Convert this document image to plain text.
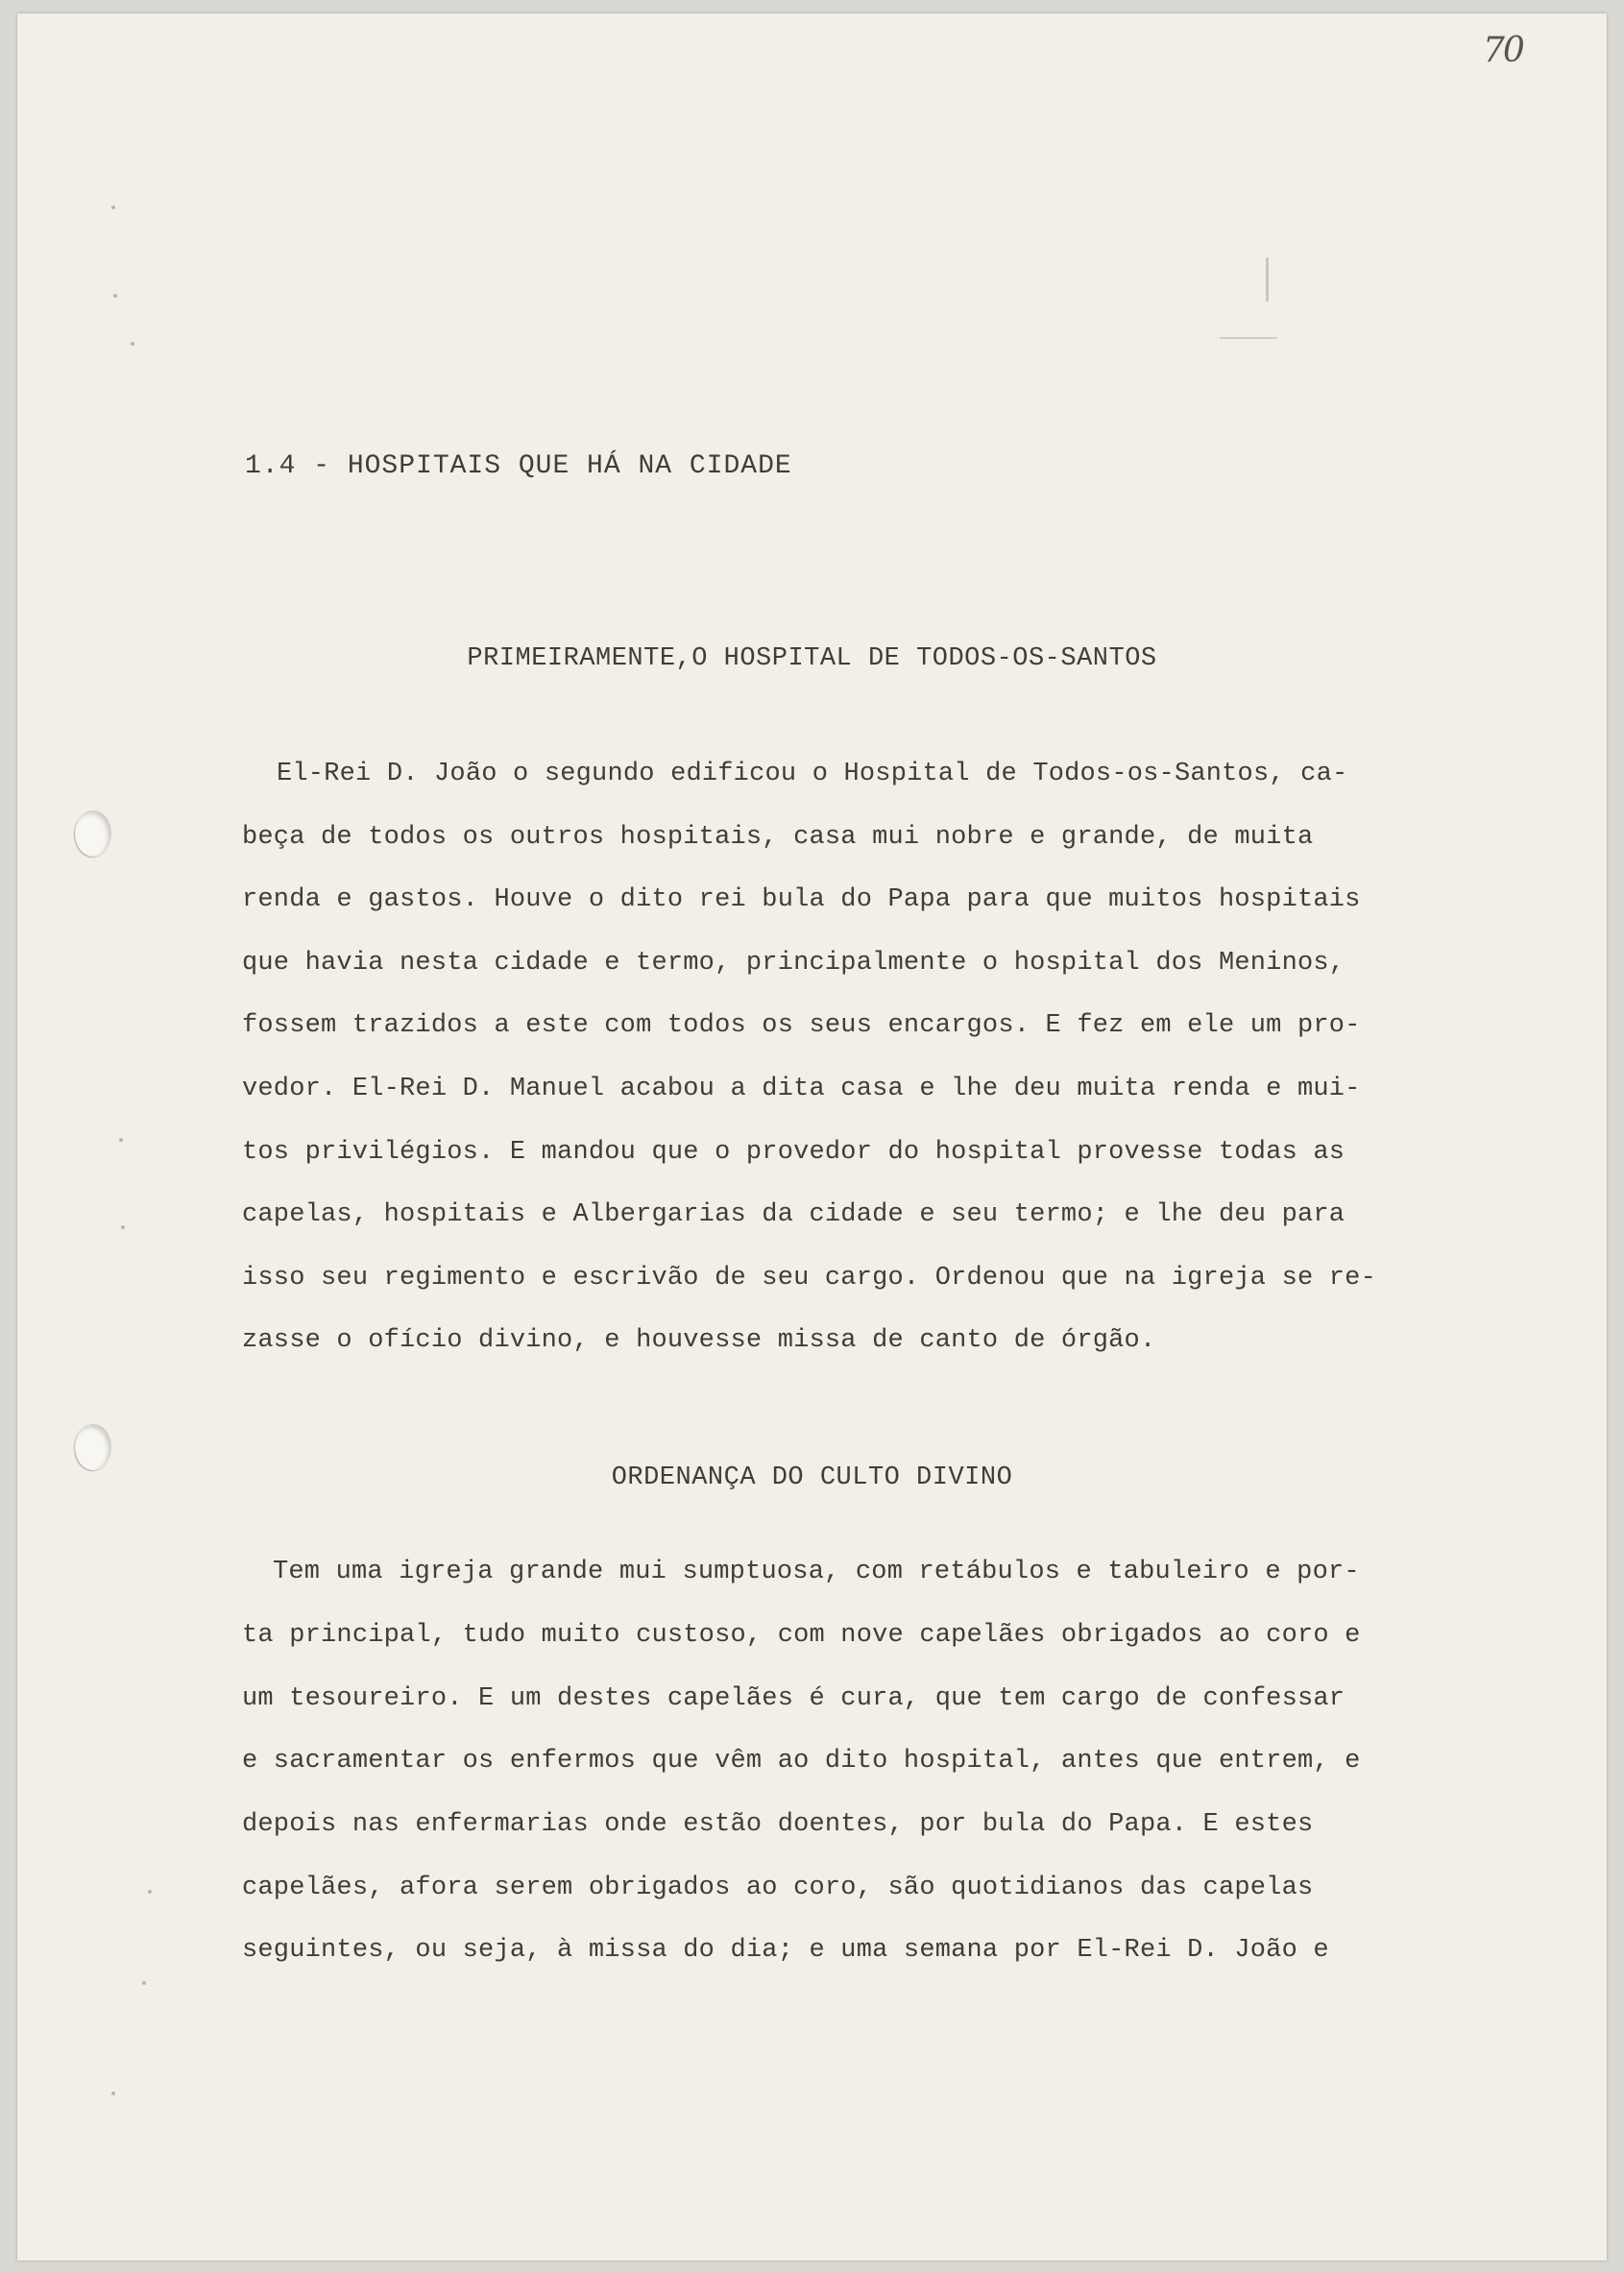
70
1.4 - HOSPITAIS QUE HÁ NA CIDADE
PRIMEIRAMENTE,O HOSPITAL DE TODOS-OS-SANTOS
El-Rei D. João o segundo edificou o Hospital de Todos-os-Santos, ca-
beça de todos os outros hospitais, casa mui nobre e grande, de muita
renda e gastos. Houve o dito rei bula do Papa para que muitos hospitais
que havia nesta cidade e termo, principalmente o hospital dos Meninos,
fossem trazidos a este com todos os seus encargos. E fez em ele um pro-
vedor. El-Rei D. Manuel acabou a dita casa e lhe deu muita renda e mui-
tos privilégios. E mandou que o provedor do hospital provesse todas as
capelas, hospitais e Albergarias da cidade e seu termo; e lhe deu para
isso seu regimento e escrivão de seu cargo. Ordenou que na igreja se re-
zasse o ofício divino, e houvesse missa de canto de órgão.
ORDENANÇA DO CULTO DIVINO
Tem uma igreja grande mui sumptuosa, com retábulos e tabuleiro e por-
ta principal, tudo muito custoso, com nove capelães obrigados ao coro e
um tesoureiro. E um destes capelães é cura, que tem cargo de confessar
e sacramentar os enfermos que vêm ao dito hospital, antes que entrem, e
depois nas enfermarias onde estão doentes, por bula do Papa. E estes
capelães, afora serem obrigados ao coro, são quotidianos das capelas
seguintes, ou seja, à missa do dia; e uma semana por El-Rei D. João e
